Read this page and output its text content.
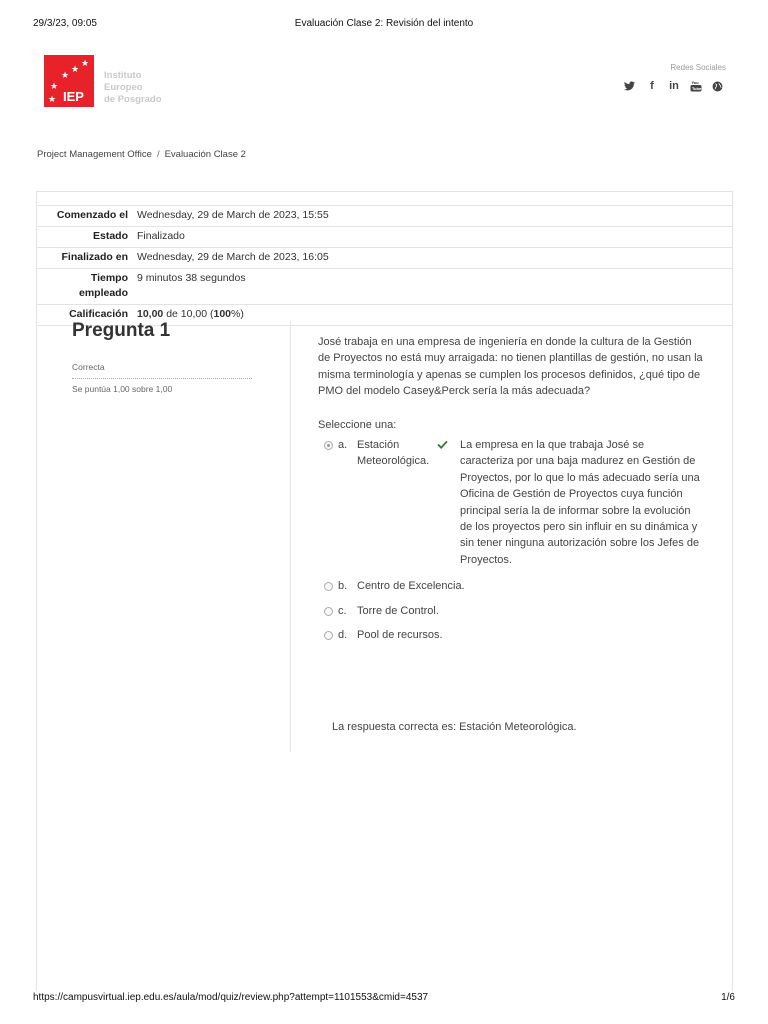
29/3/23, 09:05	Evaluación Clase 2: Revisión del intento
★
★
★
★
★ IEP
Instituto
Europeo
de Posgrado
Redes Sociales
f	in You
Tube
Project Management Office / Evaluación Clase 2
Comenzado el	Wednesday, 29 de March de 2023, 15:55
Estado	Finalizado
Finalizado en	Wednesday, 29 de March de 2023, 16:05
Tiempo
empleado	9 minutos 38 segundos
Calificación	10,00 de 10,00 (100%)
Pregunta 1
Correcta
Se puntúa 1,00 sobre 1,00
José trabaja en una empresa de ingeniería en donde la cultura de la Gestión de Proyectos no está muy arraigada: no tienen plantillas de gestión, no usan la misma terminología y apenas se cumplen los procesos definidos, ¿qué tipo de PMO del modelo Casey&Perck sería la más adecuada?
Seleccione una:
a. Estación Meteorológica.
La empresa en la que trabaja José se caracteriza por una baja madurez en Gestión de Proyectos, por lo que lo más adecuado sería una Oficina de Gestión de Proyectos cuya función principal sería la de informar sobre la evolución de los proyectos pero sin influir en su dinámica y sin tener ninguna autorización sobre los Jefes de Proyectos.
b. Centro de Excelencia.
c. Torre de Control.
d. Pool de recursos.
La respuesta correcta es: Estación Meteorológica.
https://campusvirtual.iep.edu.es/aula/mod/quiz/review.php?attempt=1101553&cmid=4537	1/6
